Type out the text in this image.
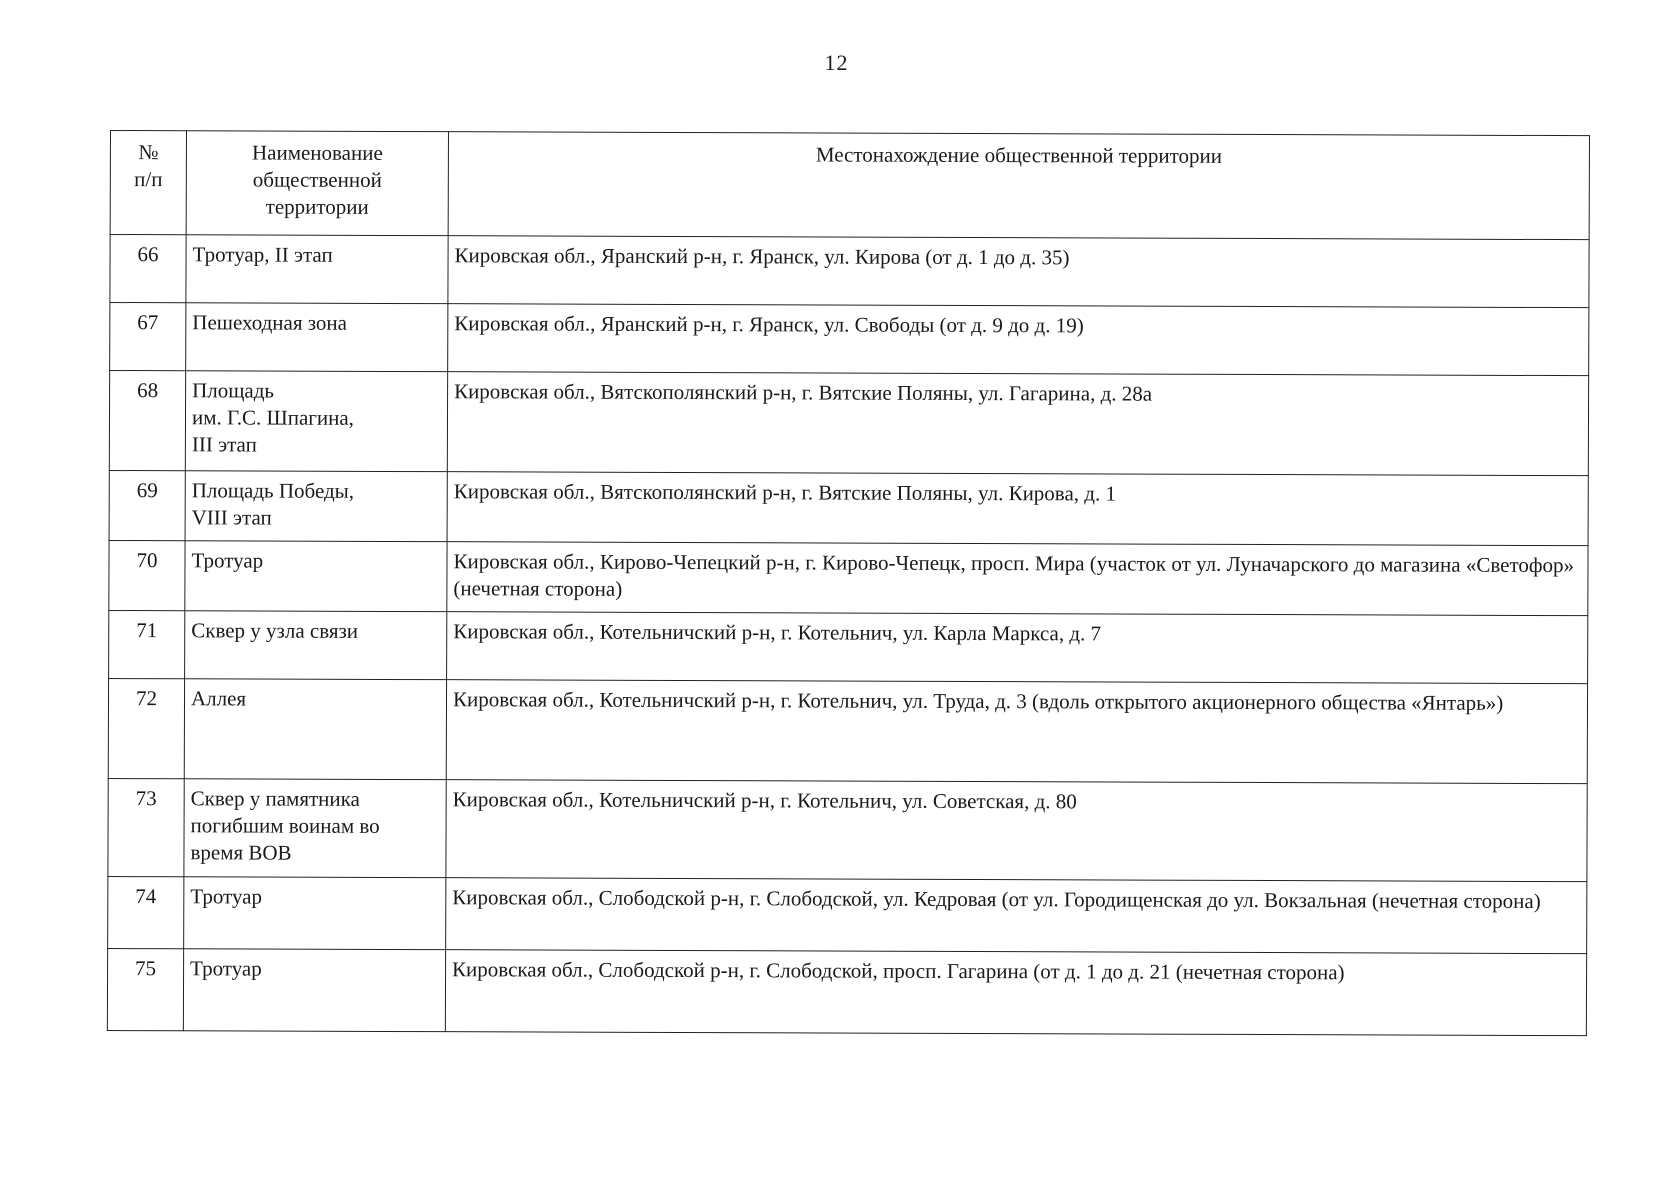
12
№
п/п	Наименование
общественной
территории	Местонахождение общественной территории
66	Тротуар, II этап	Кировская обл., Яранский р-н, г. Яранск, ул. Кирова (от д. 1 до д. 35)
67	Пешеходная зона	Кировская обл., Яранский р-н, г. Яранск, ул. Свободы (от д. 9 до д. 19)
68	Площадь
им. Г.С. Шпагина,
III этап	Кировская обл., Вятскополянский р-н, г. Вятские Поляны, ул. Гагарина, д. 28а
69	Площадь Победы,
VIII этап	Кировская обл., Вятскополянский р-н, г. Вятские Поляны, ул. Кирова, д. 1
70	Тротуар	Кировская обл., Кирово-Чепецкий р-н, г. Кирово-Чепецк, просп. Мира (участок от ул. Луначарского до магазина «Светофор» (нечетная сторона)
71	Сквер у узла связи	Кировская обл., Котельничский р-н, г. Котельнич, ул. Карла Маркса, д. 7
72	Аллея	Кировская обл., Котельничский р-н, г. Котельнич, ул. Труда, д. 3 (вдоль открытого акционерного общества «Янтарь»)
73	Сквер у памятника
погибшим воинам во
время ВОВ	Кировская обл., Котельничский р-н, г. Котельнич, ул. Советская, д. 80
74	Тротуар	Кировская обл., Слободской р-н, г. Слободской, ул. Кедровая (от ул. Городищенская до ул. Вокзальная (нечетная сторона)
75	Тротуар	Кировская обл., Слободской р-н, г. Слободской, просп. Гагарина (от д. 1 до д. 21 (нечетная сторона)
